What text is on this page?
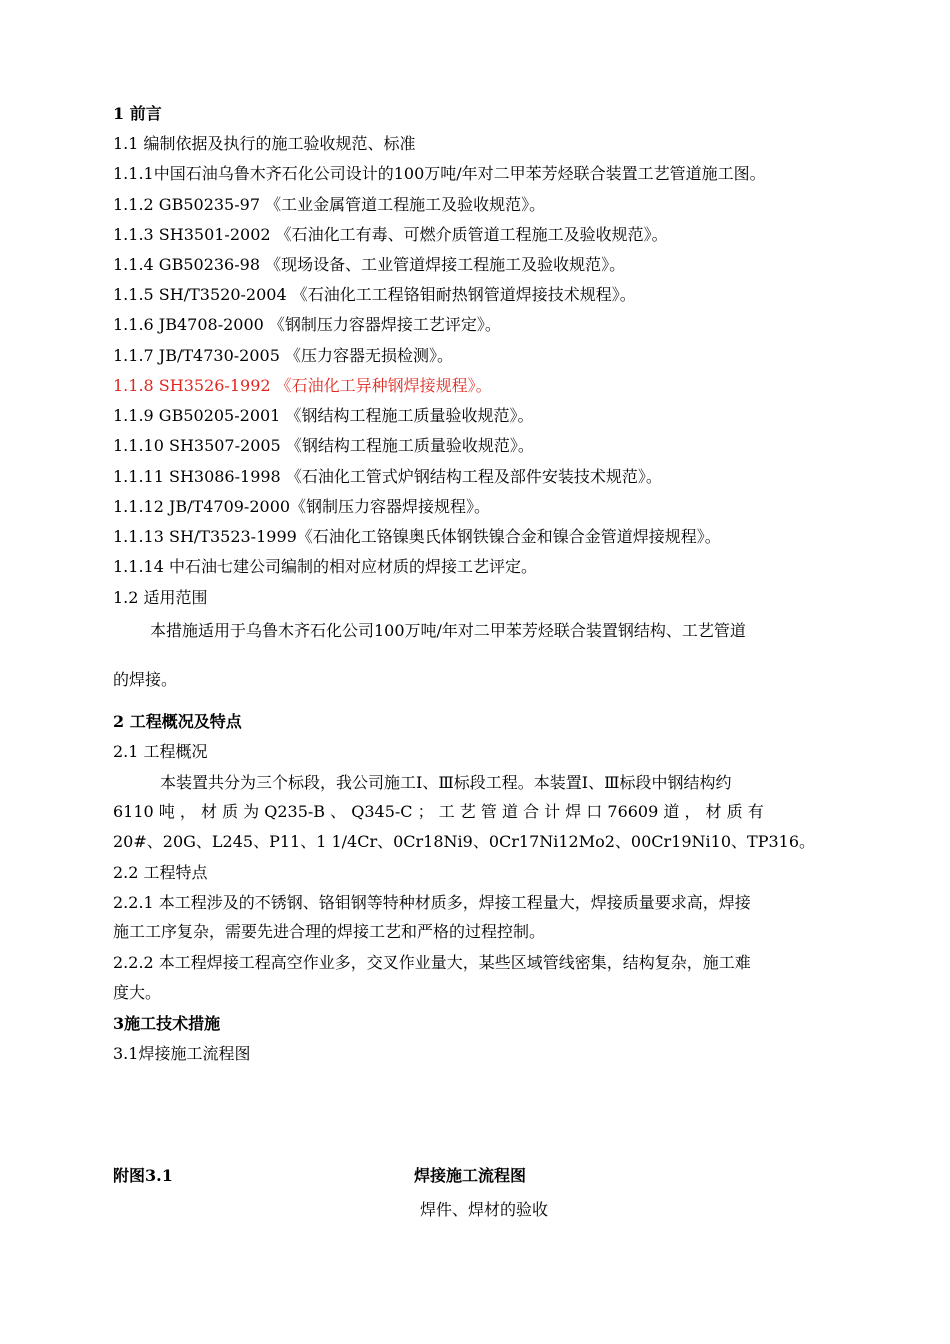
1 前言
1.1 编制依据及执行的施工验收规范、标准
1.1.1中国石油乌鲁木齐石化公司设计的100万吨/年对二甲苯芳烃联合装置工艺管道施工图。
1.1.2 GB50235-97 《工业金属管道工程施工及验收规范》。
1.1.3 SH3501-2002 《石油化工有毒、可燃介质管道工程施工及验收规范》。
1.1.4 GB50236-98 《现场设备、工业管道焊接工程施工及验收规范》。
1.1.5 SH/T3520-2004 《石油化工工程铬钼耐热钢管道焊接技术规程》。
1.1.6 JB4708-2000 《钢制压力容器焊接工艺评定》。
1.1.7 JB/T4730-2005 《压力容器无损检测》。
1.1.8 SH3526-1992 《石油化工异种钢焊接规程》。
1.1.9 GB50205-2001 《钢结构工程施工质量验收规范》。
1.1.10 SH3507-2005 《钢结构工程施工质量验收规范》。
1.1.11 SH3086-1998 《石油化工管式炉钢结构工程及部件安装技术规范》。
1.1.12 JB/T4709-2000《钢制压力容器焊接规程》。
1.1.13 SH/T3523-1999《石油化工铬镍奥氏体钢铁镍合金和镍合金管道焊接规程》。
1.1.14 中石油七建公司编制的相对应材质的焊接工艺评定。
1.2 适用范围
本措施适用于乌鲁木齐石化公司100万吨/年对二甲苯芳烃联合装置钢结构、工艺管道
的焊接。
2 工程概况及特点
2.1 工程概况
本装置共分为三个标段，我公司施工Ⅰ、Ⅲ标段工程。本装置Ⅰ、Ⅲ标段中钢结构约
6110 吨 ， 材 质 为 Q235-B 、 Q345-C ； 工 艺 管 道 合 计 焊 口 76609 道 ， 材 质 有
20#、20G、L245、P11、1 1/4Cr、0Cr18Ni9、0Cr17Ni12Mo2、00Cr19Ni10、TP316。
2.2 工程特点
2.2.1 本工程涉及的不锈钢、铬钼钢等特种材质多，焊接工程量大，焊接质量要求高，焊接
施工工序复杂，需要先进合理的焊接工艺和严格的过程控制。
2.2.2 本工程焊接工程高空作业多，交叉作业量大，某些区域管线密集，结构复杂，施工难
度大。
3施工技术措施
3.1焊接施工流程图
附图3.1	焊接施工流程图
焊件、焊材的验收
